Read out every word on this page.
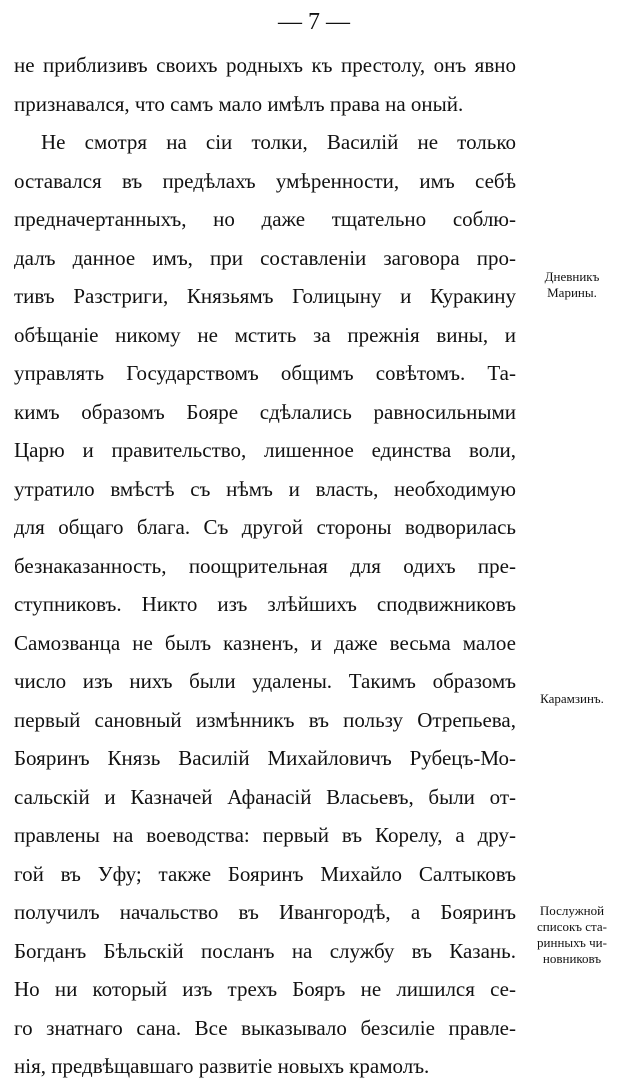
— 7 —
не приблизивъ своихъ родныхъ къ престолу, онъ явно
признавался, что самъ мало имѣлъ права на оный.
Не смотря на сіи толки, Василій не только
оставался въ предѣлахъ умѣренности, имъ себѣ
предначертанныхъ, но даже тщательно соблю-
далъ данное имъ, при составленіи заговора про-
тивъ Разстриги, Князьямъ Голицыну и Куракину
обѣщаніе никому не мстить за прежнія вины, и
управлять Государствомъ общимъ совѣтомъ. Та-
кимъ образомъ Бояре сдѣлались равносильными
Царю и правительство, лишенное единства воли,
утратило вмѣстѣ съ нѣмъ и власть, необходимую
для общаго блага. Съ другой стороны водворилась
безнаказанность, поощрительная для одихъ пре-
ступниковъ. Никто изъ злѣйшихъ сподвижниковъ
Самозванца не былъ казненъ, и даже весьма малое
число изъ нихъ были удалены. Такимъ образомъ
первый сановный измѣнникъ въ пользу Отрепьева,
Бояринъ Князь Василій Михайловичъ Рубецъ-Мо-
сальскій и Казначей Афанасій Власьевъ, были от-
правлены на воеводства: первый въ Корелу, а дру-
гой въ Уфу; также Бояринъ Михайло Салтыковъ
получилъ начальство въ Ивангородѣ, а Бояринъ
Богданъ Бѣльскій посланъ на службу въ Казань.
Но ни который изъ трехъ Бояръ не лишился се-
го знатнаго сана. Все выказывало безсиліе правле-
нія, предвѣщавшаго развитіе новыхъ крамолъ.
Дневникъ
Марины.
Карамзинъ.
Послужной
списокъ ста-
ринныхъ чи-
новниковъ
